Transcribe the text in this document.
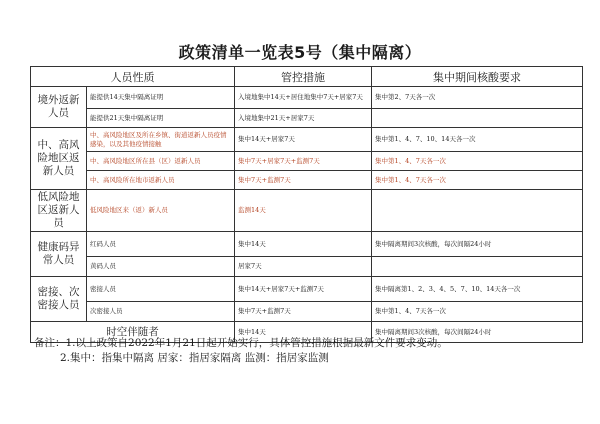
政策清单一览表5号（集中隔离）
人员性质		管控措施	集中期间核酸要求
境外返新人员	能提供14天集中隔离证明	入境地集中14天+居住地集中7天+居家7天	集中第2、7天各一次
	能提供21天集中隔离证明	入境地集中21天+居家7天	
中、高风险地区返新人员	中、高风险地区及所在乡镇、街道返新人员疫情感染，以及其他疫情接触	集中14天+居家7天	集中第1、4、7、10、14天各一次
	中、高风险地区所在县（区）返新人员	集中7天+居家7天+监测7天	集中第1、4、7天各一次
	中、高风险所在地市返新人员	集中7天+监测7天	集中第1、4、7天各一次
低风险地区返新人员	低风险地区来（返）新人员	监测14天	
健康码异常人员	红码人员	集中14天	集中隔离期间3次核酸，每次间隔24小时
	黄码人员	居家7天	
密接、次密接人员	密接人员	集中14天+居家7天+监测7天	集中隔离第1、2、3、4、5、7、10、14天各一次
	次密接人员	集中7天+监测7天	集中第1、4、7天各一次
时空伴随者		集中14天	集中隔离期间3次核酸，每次间隔24小时
备注：1.以上政策自2022年1月21日起开始实行，具体管控措施根据最新文件要求变动。
2.集中：指集中隔离 居家：指居家隔离 监测：指居家监测
